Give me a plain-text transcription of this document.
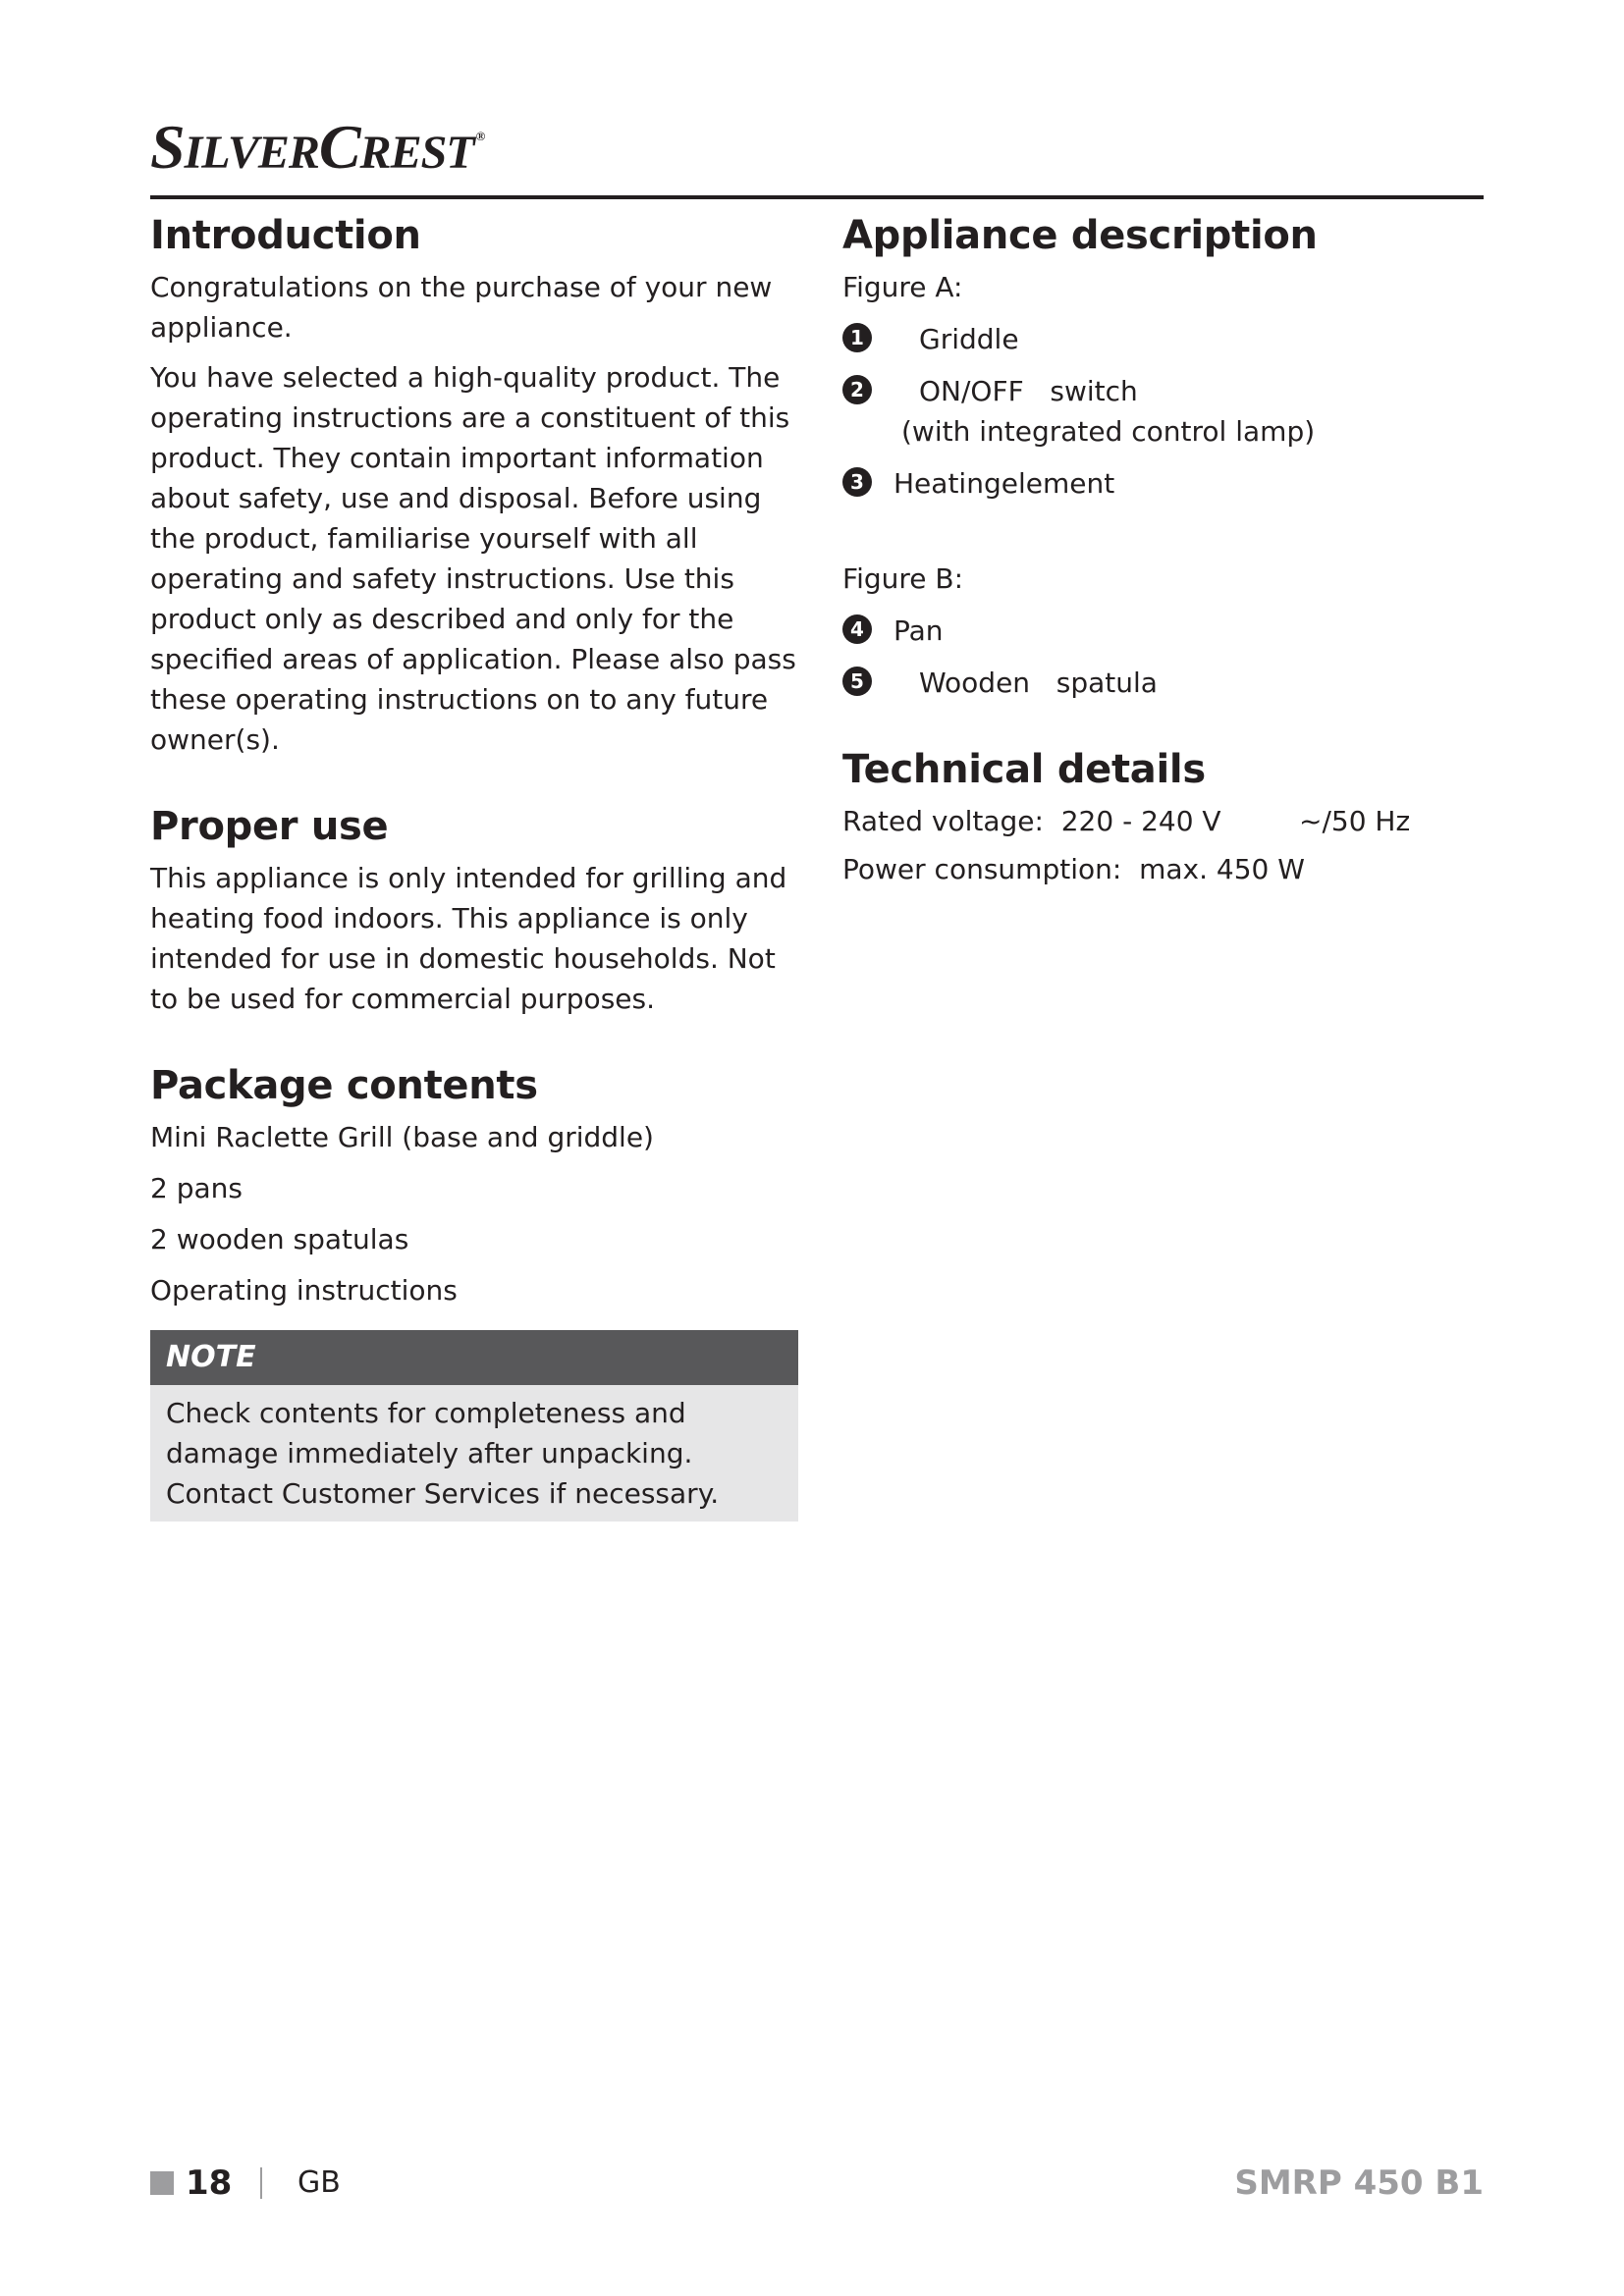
SILVERCREST ®
Introduction

Congratulations on the purchase of your new appliance.

You have selected a high-quality product. The operating instructions are a constituent of this product. They contain important information about safety, use and disposal. Before using the product, familiarise yourself with all operating and safety instructions. Use this product only as described and only for the specified areas of application. Please also pass these operating instructions on to any future owner(s).

Proper use

This appliance is only intended for grilling and heating food indoors. This appliance is only intended for use in domestic households. Not to be used for commercial purposes.

Package contents
Mini Raclette Grill (base and griddle)
2 pans
2 wooden spatulas
Operating instructions
NOTE
Check contents for completeness and damage immediately after unpacking. Contact Customer Services if necessary.
Appliance description
Figure A:
1 Griddle
2 ON/OFF   switch
(with integrated control lamp)
3 Heatingelement
Figure B:
4 Pan
5 Wooden   spatula
Technical details
Rated voltage:  220 - 240 V	~/50 Hz
Power consumption:  max. 450 W
18 GB	SMRP 450 B1
